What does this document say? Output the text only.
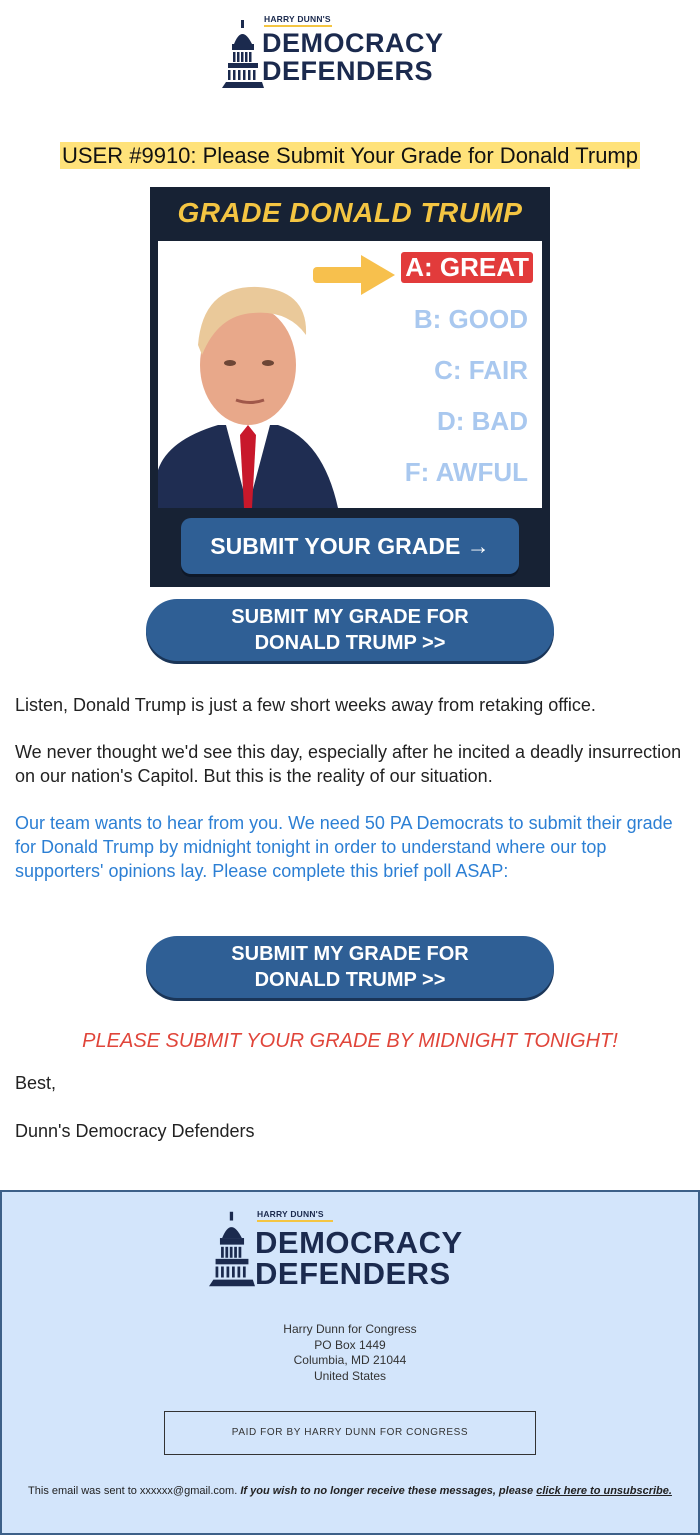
HARRY DUNN'S
DEMOCRACY
DEFENDERS
USER #9910: Please Submit Your Grade for Donald Trump
GRADE DONALD TRUMP
A: GREAT
B: GOOD
C: FAIR
D: BAD
F: AWFUL
SUBMIT YOUR GRADE →
SUBMIT MY GRADE FOR
DONALD TRUMP >>

Listen, Donald Trump is just a few short weeks away from retaking office.

We never thought we'd see this day, especially after he incited a deadly insurrection on our nation's Capitol. But this is the reality of our situation.

Our team wants to hear from you. We need 50 PA Democrats to submit their grade for Donald Trump by midnight tonight in order to understand where our top supporters' opinions lay. Please complete this brief poll ASAP:

SUBMIT MY GRADE FOR
DONALD TRUMP >>
PLEASE SUBMIT YOUR GRADE BY MIDNIGHT TONIGHT!

Best,

Dunn's Democracy Defenders

HARRY DUNN'S
DEMOCRACY
DEFENDERS
Harry Dunn for Congress
PO Box 1449
Columbia, MD 21044
United States
PAID FOR BY HARRY DUNN FOR CONGRESS
This email was sent to xxxxxx@gmail.com. If you wish to no longer receive these messages, please click here to unsubscribe.
